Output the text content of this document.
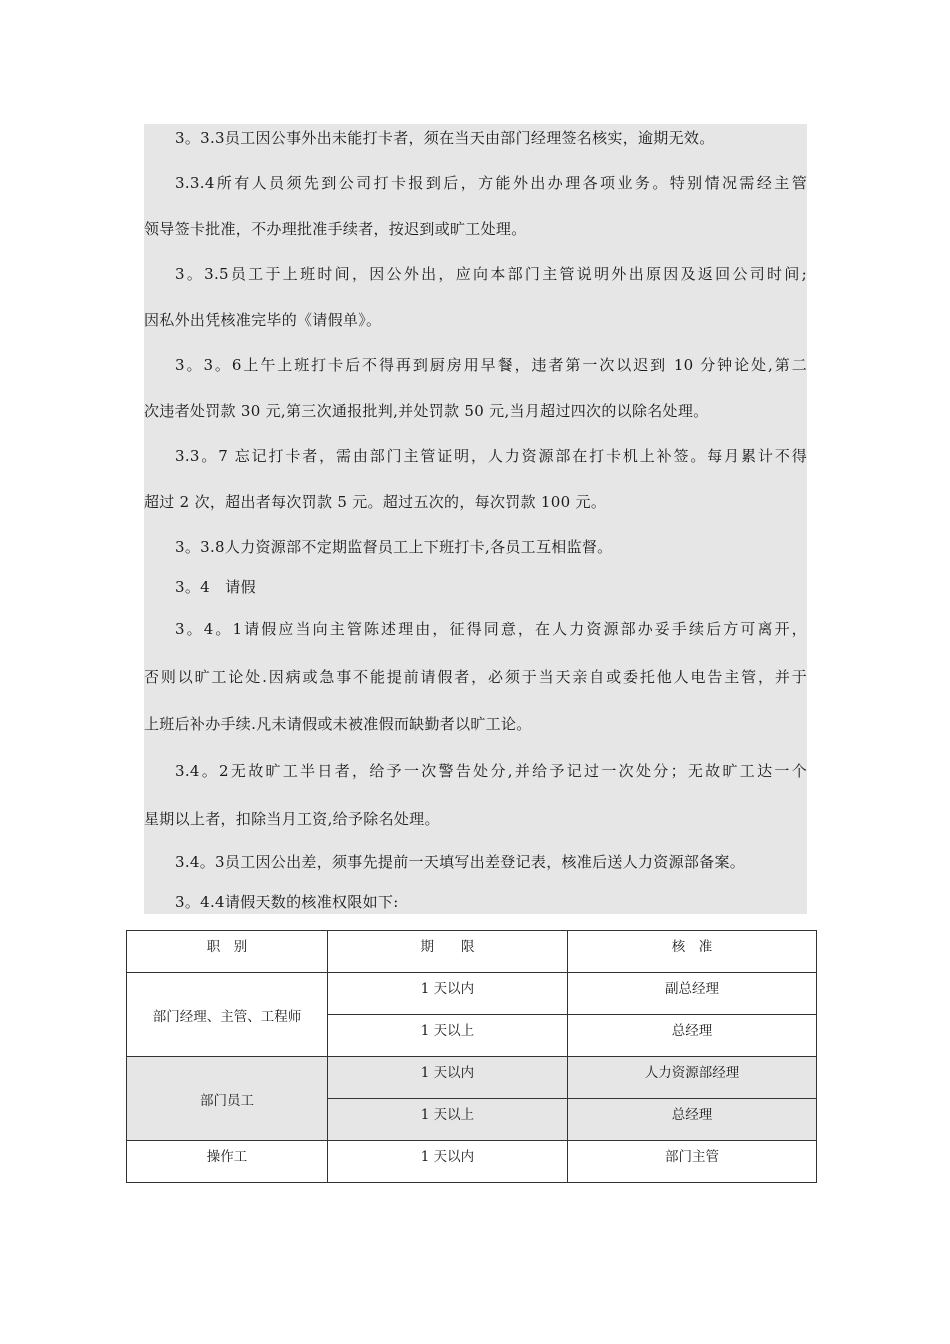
3。3.3员工因公事外出未能打卡者，须在当天由部门经理签名核实，逾期无效。
3.3.4所有人员须先到公司打卡报到后，方能外出办理各项业务。特别情况需经主管
领导签卡批准，不办理批准手续者，按迟到或旷工处理。
3。3.5员工于上班时间，因公外出，应向本部门主管说明外出原因及返回公司时间;
因私外出凭核准完毕的《请假单》。
3。3。6上午上班打卡后不得再到厨房用早餐，违者第一次以迟到 10 分钟论处,第二
次违者处罚款 30 元,第三次通报批判,并处罚款 50 元,当月超过四次的以除名处理。
3.3。7 忘记打卡者，需由部门主管证明，人力资源部在打卡机上补签。每月累计不得
超过 2 次，超出者每次罚款 5 元。超过五次的，每次罚款 100 元。
3。3.8人力资源部不定期监督员工上下班打卡,各员工互相监督。
3。4　请假
3。4。1请假应当向主管陈述理由，征得同意，在人力资源部办妥手续后方可离开，
否则以旷工论处.因病或急事不能提前请假者，必须于当天亲自或委托他人电告主管，并于
上班后补办手续.凡未请假或未被准假而缺勤者以旷工论。
3.4。2无故旷工半日者，给予一次警告处分,并给予记过一次处分；无故旷工达一个
星期以上者，扣除当月工资,给予除名处理。
3.4。3员工因公出差，须事先提前一天填写出差登记表，核准后送人力资源部备案。
3。4.4请假天数的核准权限如下:
职　别	期　　限	核　准

部门经理、主管、工程师	1 天以内	副总经理

	1 天以上	总经理

部门员工	1 天以内	人力资源部经理

	1 天以上	总经理

操作工	1 天以内	部门主管
